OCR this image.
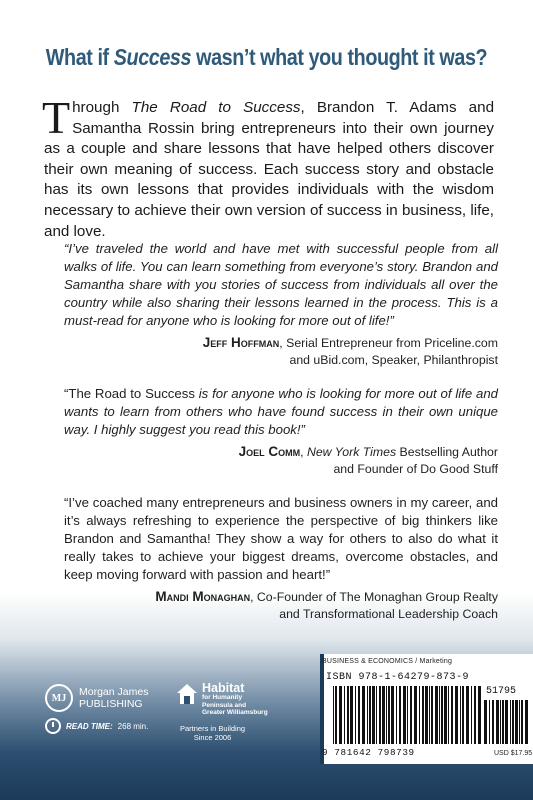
What if Success wasn’t what you thought it was?
Through The Road to Success, Brandon T. Adams and Samantha Rossin bring entrepreneurs into their own journey as a couple and share lessons that have helped others discover their own meaning of success. Each success story and obstacle has its own lessons that provides individuals with the wisdom necessary to achieve their own version of success in business, life, and love.

“I’ve traveled the world and have met with successful people from all walks of life. You can learn something from everyone’s story. Brandon and Samantha share with you stories of success from individuals all over the country while also sharing their lessons learned in the process. This is a must-read for anyone who is looking for more out of life!”

Jeff Hoffman, Serial Entrepreneur from Priceline.com
and uBid.com, Speaker, Philanthropist

“The Road to Success is for anyone who is looking for more out of life and wants to learn from others who have found success in their own unique way. I highly suggest you read this book!”

Joel Comm, New York Times Bestselling Author
and Founder of Do Good Stuff

“I’ve coached many entrepreneurs and business owners in my career, and it’s always refreshing to experience the perspective of big thinkers like Brandon and Samantha! They show a way for others to also do what it really takes to achieve your biggest dreams, overcome obstacles, and keep moving forward with passion and heart!”

Mandi Monaghan, Co-Founder of The Monaghan Group Realty
and Transformational Leadership Coach
MJ	Morgan James
PUBLISHING
READ TIME: 268 min.
Habitat

for Humanity
Peninsula and
Greater Williamsburg
Partners in Building
Since 2006
BUSINESS & ECONOMICS / Marketing
ISBN 978-1-64279-873-9
51795
9 781642 798739	USD $17.95
